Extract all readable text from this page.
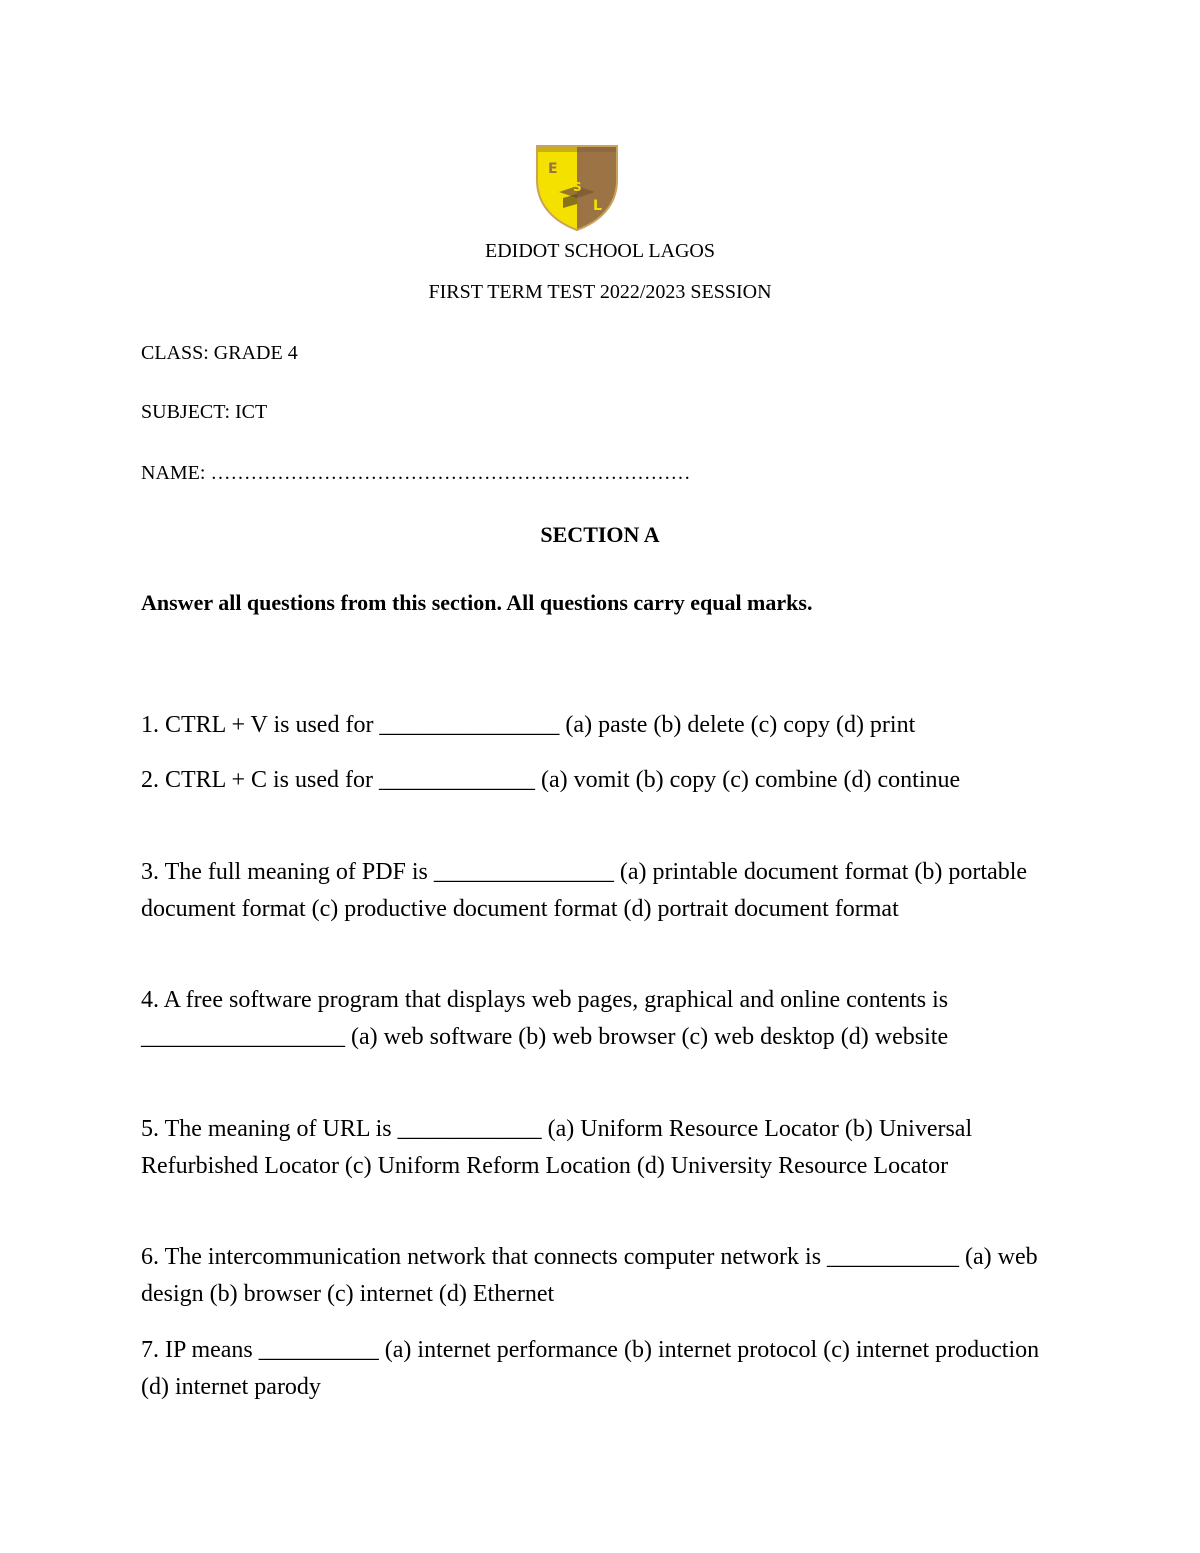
E
S
L
EDIDOT SCHOOL LAGOS
FIRST TERM TEST 2022/2023 SESSION
CLASS: GRADE 4
SUBJECT: ICT
NAME: ………………………………………………………………
SECTION A
Answer all questions from this section. All questions carry equal marks.
1. CTRL + V is used for _______________ (a) paste (b) delete (c) copy (d) print
2. CTRL + C is used for _____________ (a) vomit (b) copy (c) combine (d) continue
3. The full meaning of PDF is _______________ (a) printable document format (b) portable document format (c) productive document format (d) portrait document format
4. A free software program that displays web pages, graphical and online contents is _________________ (a) web software (b) web browser (c) web desktop (d) website
5. The meaning of URL is ____________ (a) Uniform Resource Locator (b) Universal Refurbished Locator (c) Uniform Reform Location (d) University Resource Locator
6. The intercommunication network that connects computer network is ___________ (a) web design (b) browser (c) internet (d) Ethernet
7. IP means __________ (a) internet performance (b) internet protocol (c) internet production (d) internet parody
